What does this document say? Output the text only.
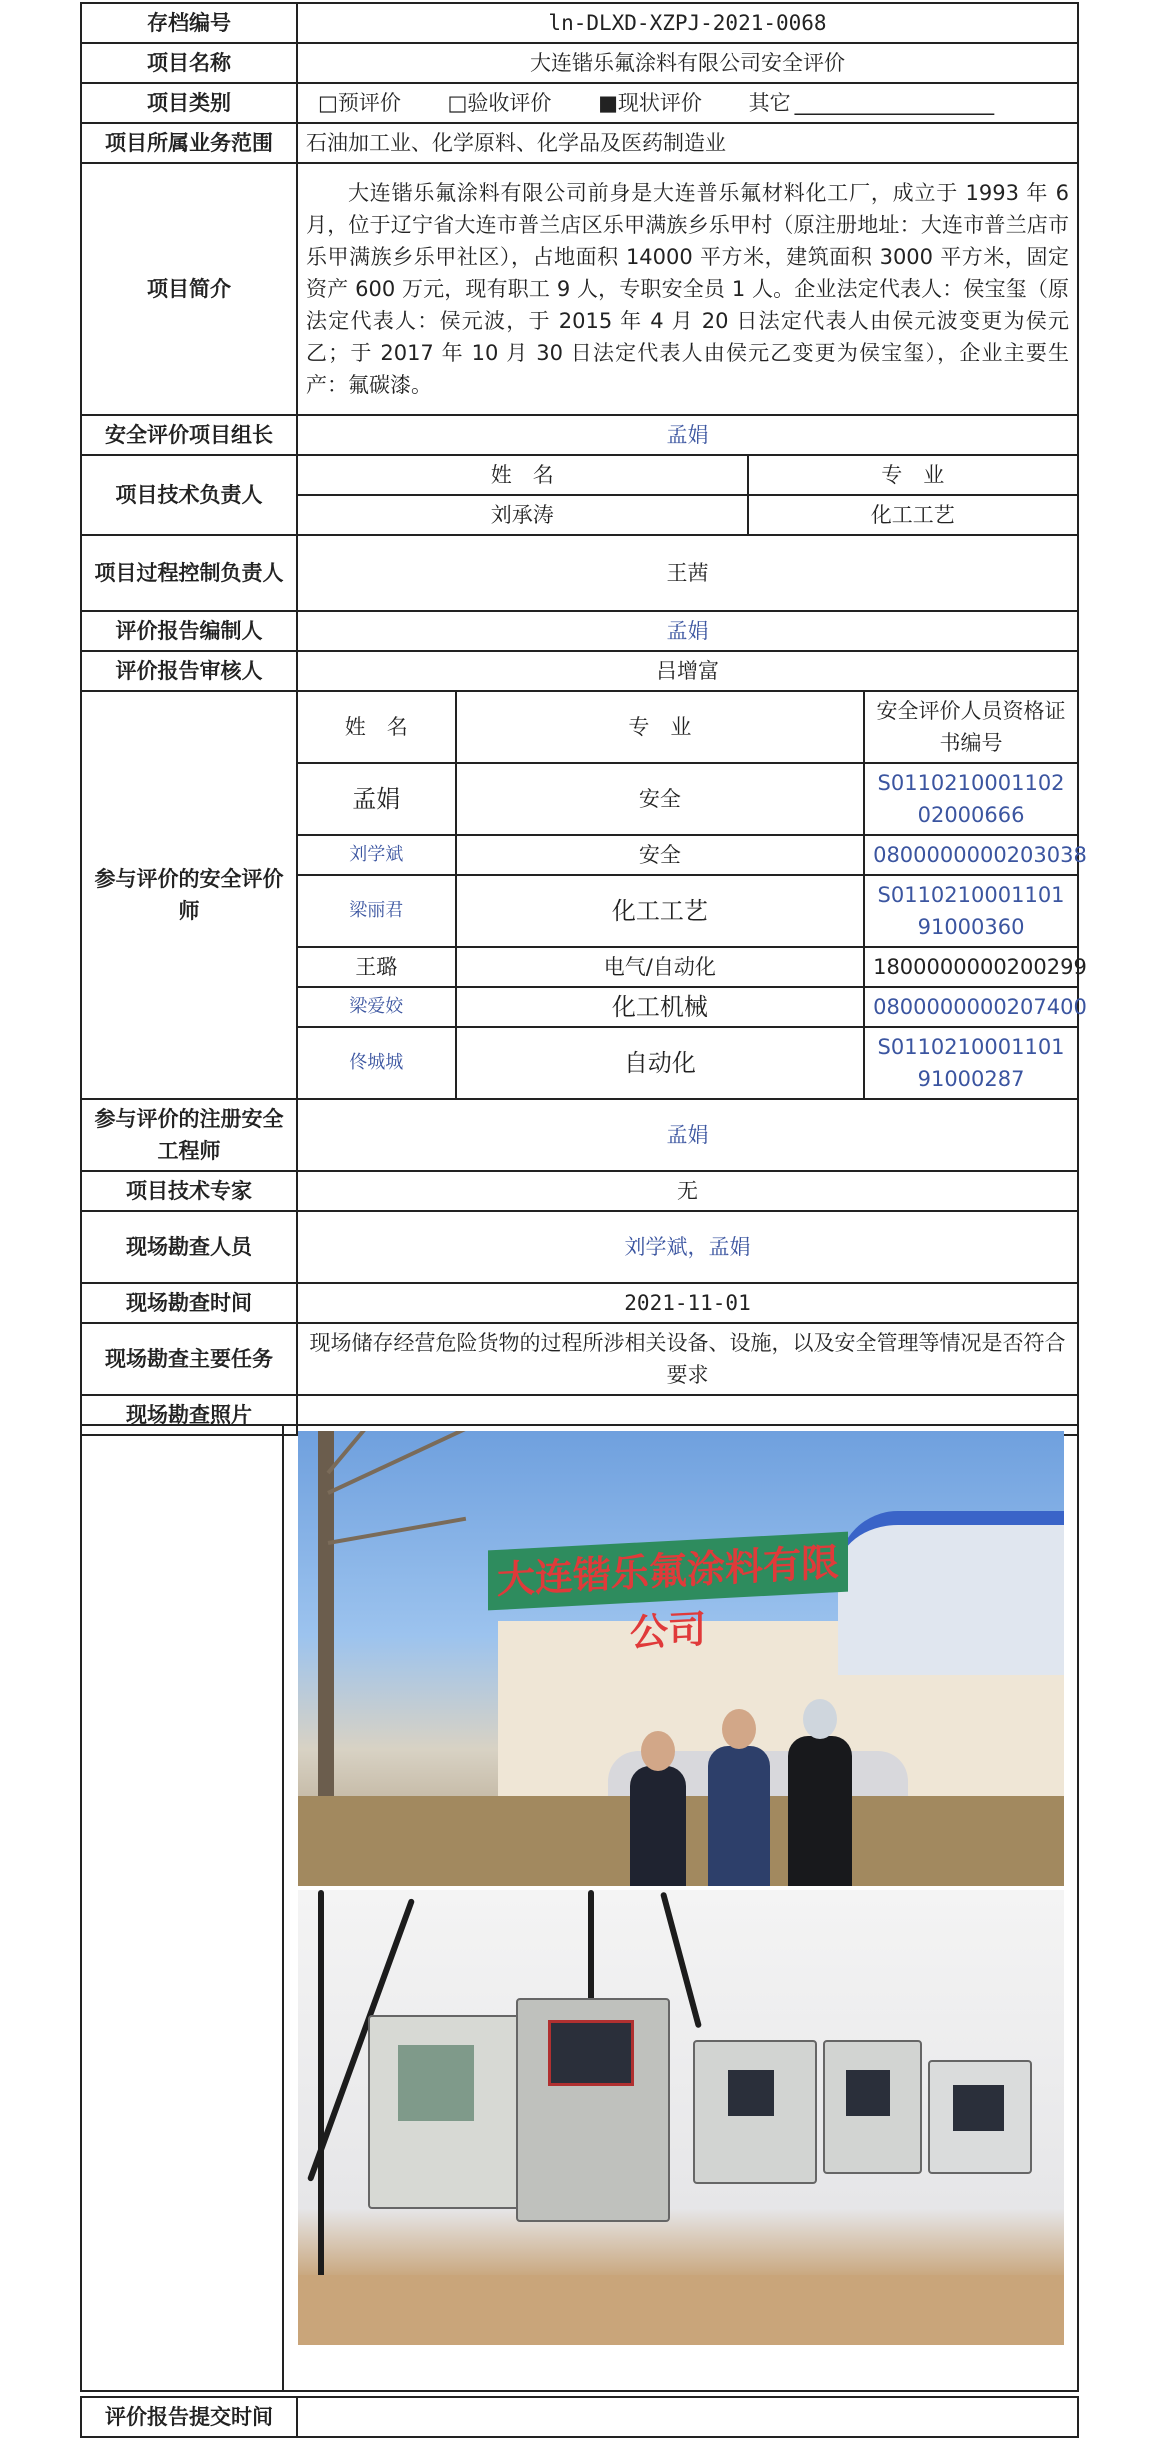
存档编号	ln-DLXD-XZPJ-2021-0068
项目名称	大连锴乐氟涂料有限公司安全评价
项目类别	□预评价 □验收评价 ■现状评价 其它 ___________________
项目所属业务范围	石油加工业、化学原料、化学品及医药制造业
项目简介	大连锴乐氟涂料有限公司前身是大连普乐氟材料化工厂，成立于 1993 年 6 月，位于辽宁省大连市普兰店区乐甲满族乡乐甲村（原注册地址：大连市普兰店市乐甲满族乡乐甲社区），占地面积 14000 平方米，建筑面积 3000 平方米，固定资产 600 万元，现有职工 9 人，专职安全员 1 人。企业法定代表人：侯宝玺（原法定代表人：侯元波，于 2015 年 4 月 20 日法定代表人由侯元波变更为侯元乙；于 2017 年 10 月 30 日法定代表人由侯元乙变更为侯宝玺），企业主要生产：氟碳漆。
安全评价项目组长	孟娟
项目技术负责人	
姓　名	专　业
刘承涛	化工工艺

项目过程控制负责人	王茜
评价报告编制人	孟娟
评价报告审核人	吕增富
参与评价的安全评价师	
姓　名	专　业	安全评价人员资格证书编号
孟娟	安全	S011021000110202000666
刘学斌	安全	0800000000203038
梁丽君	化工工艺	S011021000110191000360
王璐	电气/自动化	1800000000200299
梁爱姣	化工机械	0800000000207400
佟城城	自动化	S011021000110191000287

参与评价的注册安全工程师	孟娟
项目技术专家	无
现场勘查人员	刘学斌，孟娟
现场勘查时间	2021-11-01
现场勘查主要任务	现场储存经营危险货物的过程所涉相关设备、设施，以及安全管理等情况是否符合要求
现场勘查照片	

大连锴乐氟涂料有限公司
评价报告提交时间	
